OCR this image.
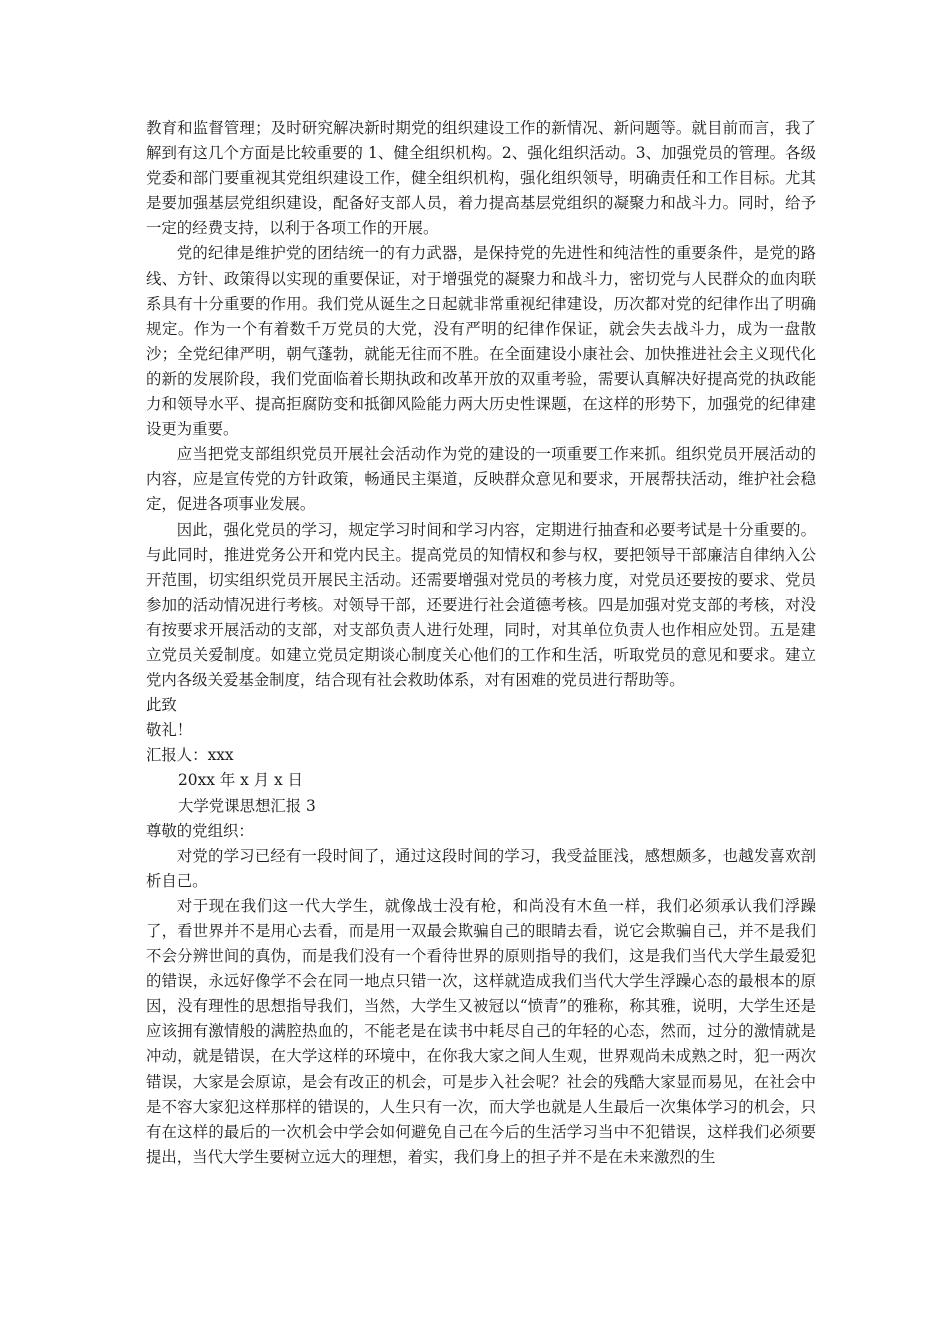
教育和监督管理；及时研究解决新时期党的组织建设工作的新情况、新问题等。就目前而言，我了解到有这几个方面是比较重要的 1、健全组织机构。2、强化组织活动。3、加强党员的管理。各级党委和部门要重视其党组织建设工作，健全组织机构，强化组织领导，明确责任和工作目标。尤其是要加强基层党组织建设，配备好支部人员，着力提高基层党组织的凝聚力和战斗力。同时，给予一定的经费支持，以利于各项工作的开展。

党的纪律是维护党的团结统一的有力武器，是保持党的先进性和纯洁性的重要条件，是党的路线、方针、政策得以实现的重要保证，对于增强党的凝聚力和战斗力，密切党与人民群众的血肉联系具有十分重要的作用。我们党从诞生之日起就非常重视纪律建设，历次都对党的纪律作出了明确规定。作为一个有着数千万党员的大党，没有严明的纪律作保证，就会失去战斗力，成为一盘散沙；全党纪律严明，朝气蓬勃，就能无往而不胜。在全面建设小康社会、加快推进社会主义现代化的新的发展阶段，我们党面临着长期执政和改革开放的双重考验，需要认真解决好提高党的执政能力和领导水平、提高拒腐防变和抵御风险能力两大历史性课题，在这样的形势下，加强党的纪律建设更为重要。

应当把党支部组织党员开展社会活动作为党的建设的一项重要工作来抓。组织党员开展活动的内容，应是宣传党的方针政策，畅通民主渠道，反映群众意见和要求，开展帮扶活动，维护社会稳定，促进各项事业发展。

因此，强化党员的学习，规定学习时间和学习内容，定期进行抽查和必要考试是十分重要的。与此同时，推进党务公开和党内民主。提高党员的知情权和参与权，要把领导干部廉洁自律纳入公开范围，切实组织党员开展民主活动。还需要增强对党员的考核力度，对党员还要按的要求、党员参加的活动情况进行考核。对领导干部，还要进行社会道德考核。四是加强对党支部的考核，对没有按要求开展活动的支部，对支部负责人进行处理，同时，对其单位负责人也作相应处罚。五是建立党员关爱制度。如建立党员定期谈心制度关心他们的工作和生活，听取党员的意见和要求。建立党内各级关爱基金制度，结合现有社会救助体系，对有困难的党员进行帮助等。

此致

敬礼！

汇报人：xxx

20xx 年 x 月 x 日

大学党课思想汇报 3

尊敬的党组织：

对党的学习已经有一段时间了，通过这段时间的学习，我受益匪浅，感想颇多，也越发喜欢剖析自己。

对于现在我们这一代大学生，就像战士没有枪，和尚没有木鱼一样，我们必须承认我们浮躁了，看世界并不是用心去看，而是用一双最会欺骗自己的眼睛去看，说它会欺骗自己，并不是我们不会分辨世间的真伪，而是我们没有一个看待世界的原则指导的我们，这是我们当代大学生最爱犯的错误，永远好像学不会在同一地点只错一次，这样就造成我们当代大学生浮躁心态的最根本的原因，没有理性的思想指导我们，当然，大学生又被冠以“愤青”的雅称，称其雅，说明，大学生还是应该拥有激情般的满腔热血的，不能老是在读书中耗尽自己的年轻的心态，然而，过分的激情就是冲动，就是错误，在大学这样的环境中，在你我大家之间人生观，世界观尚未成熟之时，犯一两次错误，大家是会原谅，是会有改正的机会，可是步入社会呢？社会的残酷大家显而易见，在社会中是不容大家犯这样那样的错误的，人生只有一次，而大学也就是人生最后一次集体学习的机会，只有在这样的最后的一次机会中学会如何避免自己在今后的生活学习当中不犯错误，这样我们必须要提出，当代大学生要树立远大的理想，着实，我们身上的担子并不是在未来激烈的生
